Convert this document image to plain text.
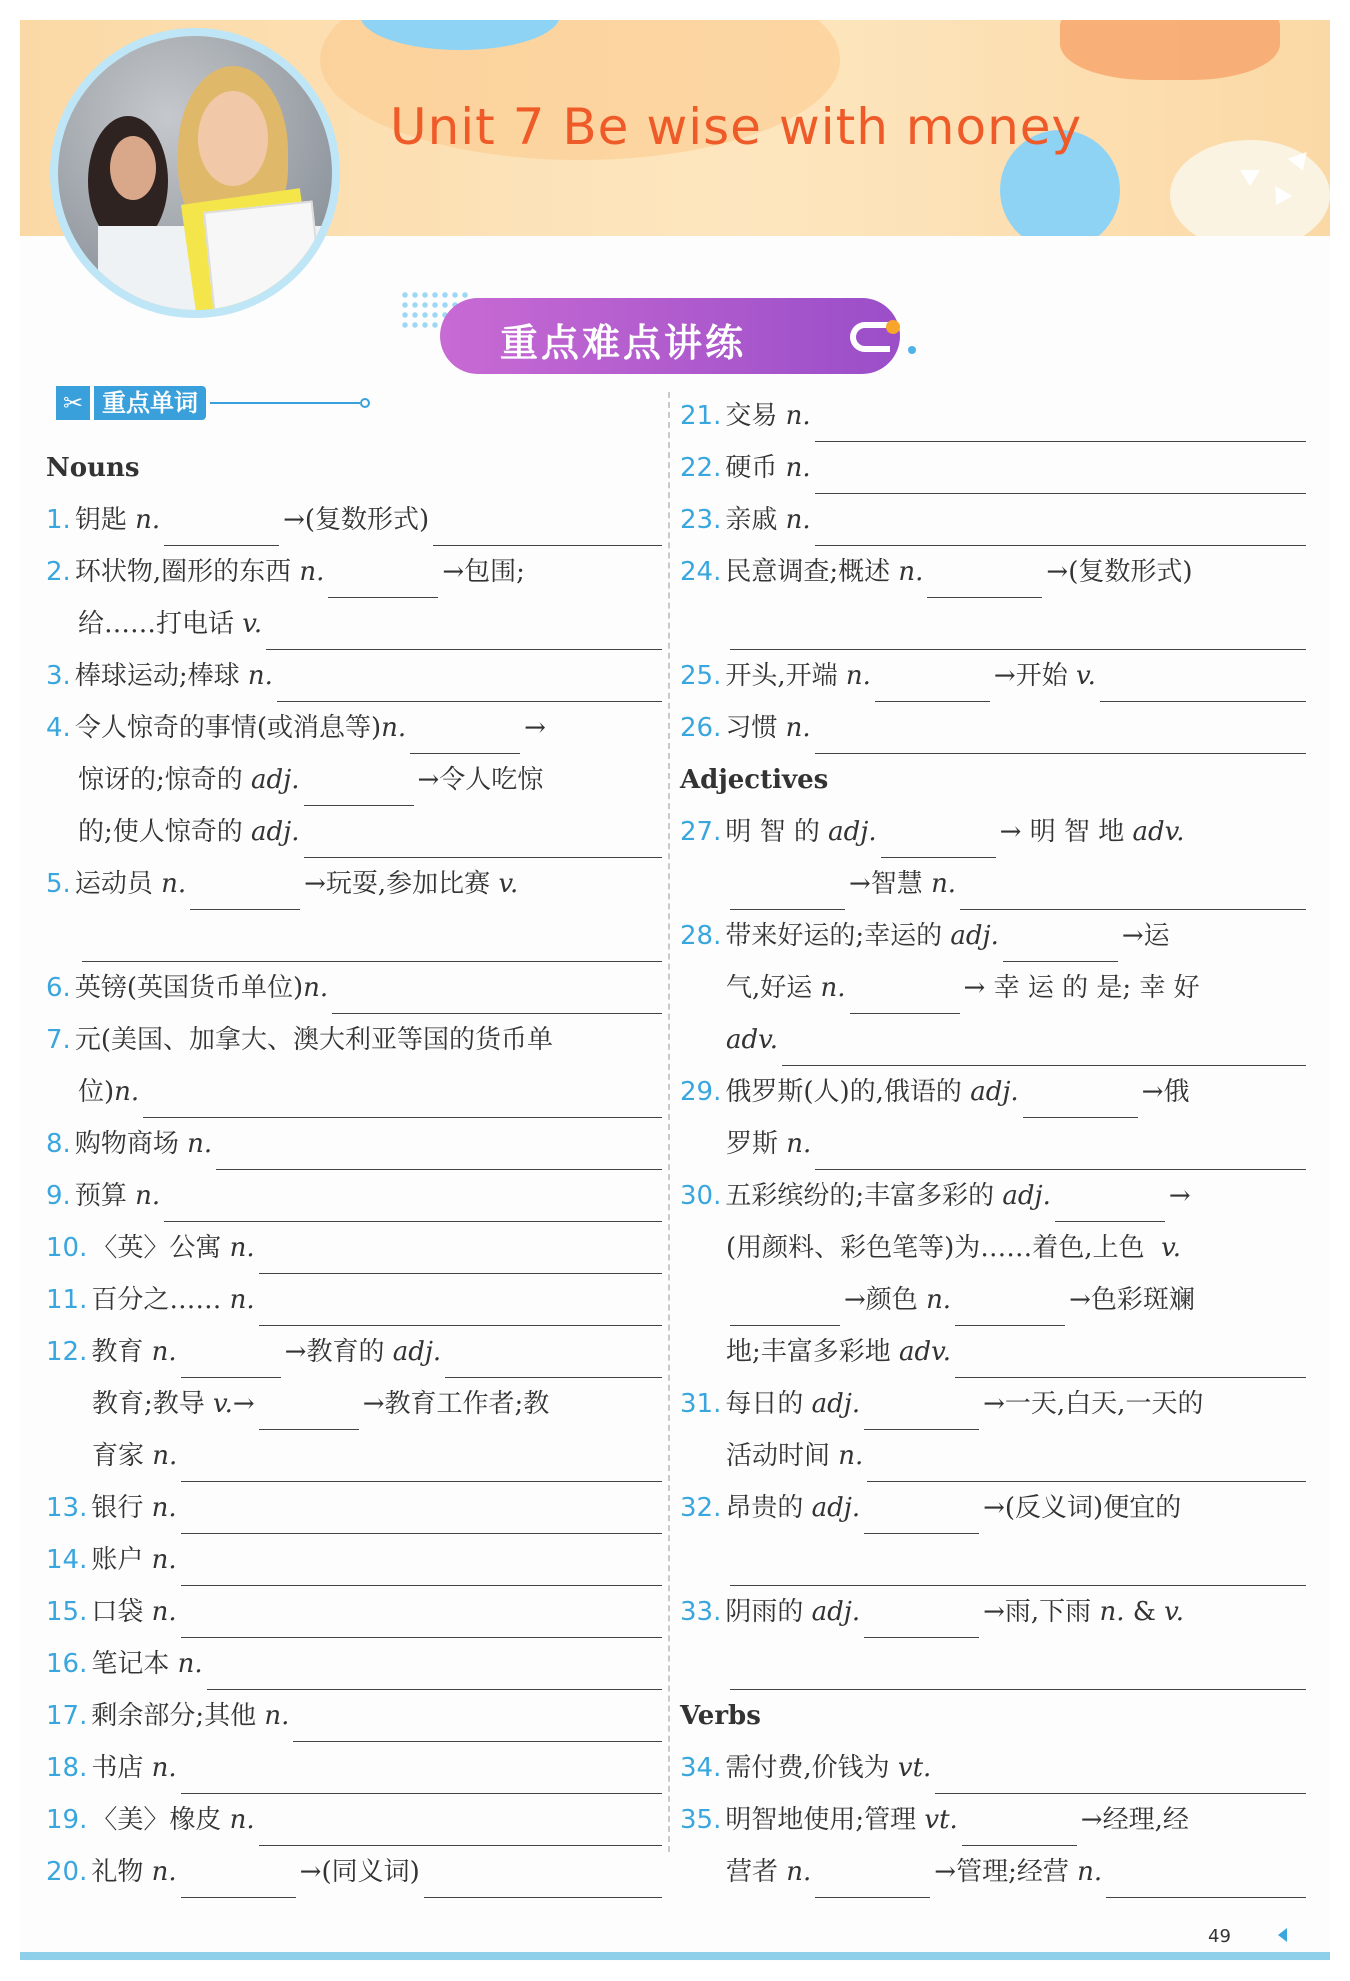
Unit 7 Be wise with money
重点难点讲练
✂ 重点单词
Nouns
1. 钥匙
n.	→(复数形式)
2. 环状物,圈形的东西
n.	→包围;
给……打电话
v.
3. 棒球运动;棒球
n.
4. 令人惊奇的事情(或消息等) n.	→
惊讶的;惊奇的
adj.	→令人吃惊
的;使人惊奇的
adj.
5. 运动员
n.	→玩耍,参加比赛
v.
6. 英镑(英国货币单位) n.
7. 元(美国、加拿大、澳大利亚等国的货币单
位) n.
8. 购物商场
n.
9. 预算
n.
10. 〈英〉公寓
n.
11. 百分之……
n.
12. 教育
n.	→教育的
adj.
教育;教导
v. →	→教育工作者;教
育家
n.
13. 银行
n.
14. 账户
n.
15. 口袋
n.
16. 笔记本
n.
17. 剩余部分;其他
n.
18. 书店
n.
19. 〈美〉橡皮
n.
20. 礼物
n.	→(同义词)
21. 交易
n.
22. 硬币
n.
23. 亲戚
n.
24. 民意调查;概述
n.	→(复数形式)
25. 开头,开端
n.	→开始
v.
26. 习惯
n.
Adjectives
27. 明 智 的
adj.	→ 明 智 地
adv.
→智慧
n.
28. 带来好运的;幸运的
adj.	→运
气,好运
n.	→ 幸 运 的 是; 幸 好
adv.
29. 俄罗斯(人)的,俄语的
adj.	→俄
罗斯
n.
30. 五彩缤纷的;丰富多彩的
adj.	→
(用颜料、彩色笔等)为……着色,上色
v.
→颜色
n.	→色彩斑斓
地;丰富多彩地
adv.
31. 每日的
adj.	→一天,白天,一天的
活动时间
n.
32. 昂贵的
adj.	→(反义词)便宜的
33. 阴雨的
adj.	→雨,下雨
n.
&
v.
Verbs
34. 需付费,价钱为
vt.
35. 明智地使用;管理
vt.	→经理,经
营者
n.	→管理;经营
n.
49
